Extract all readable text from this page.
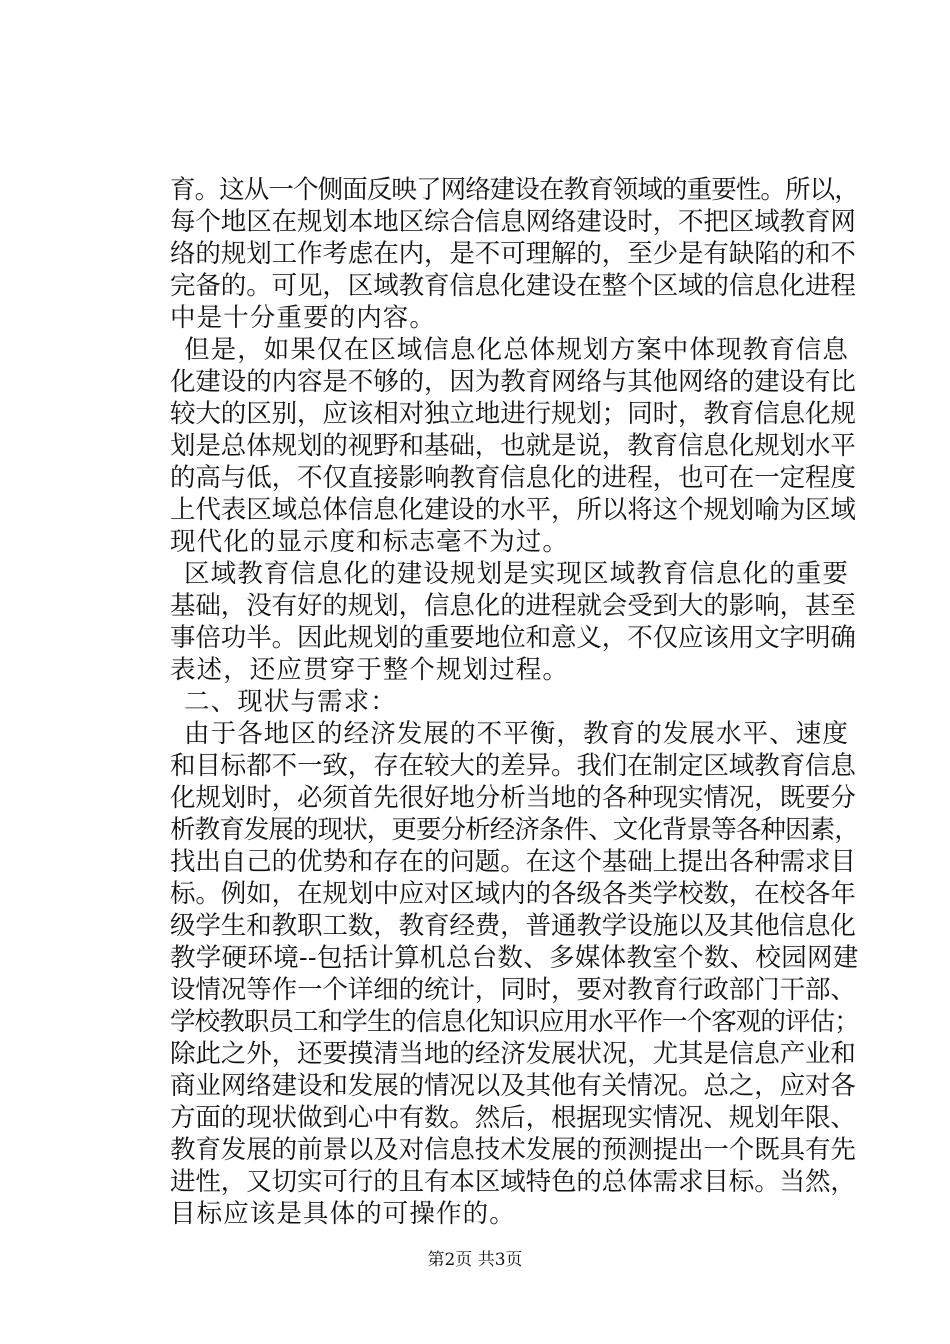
育。这从一个侧面反映了网络建设在教育领域的重要性。所以，
每个地区在规划本地区综合信息网络建设时，不把区域教育网
络的规划工作考虑在内，是不可理解的，至少是有缺陷的和不
完备的。可见，区域教育信息化建设在整个区域的信息化进程
中是十分重要的内容。
但是，如果仅在区域信息化总体规划方案中体现教育信息
化建设的内容是不够的，因为教育网络与其他网络的建设有比
较大的区别，应该相对独立地进行规划；同时，教育信息化规
划是总体规划的视野和基础，也就是说，教育信息化规划水平
的高与低，不仅直接影响教育信息化的进程，也可在一定程度
上代表区域总体信息化建设的水平，所以将这个规划喻为区域
现代化的显示度和标志毫不为过。
区域教育信息化的建设规划是实现区域教育信息化的重要
基础，没有好的规划，信息化的进程就会受到大的影响，甚至
事倍功半。因此规划的重要地位和意义，不仅应该用文字明确
表述，还应贯穿于整个规划过程。
二、现状与需求：
由于各地区的经济发展的不平衡，教育的发展水平、速度
和目标都不一致，存在较大的差异。我们在制定区域教育信息
化规划时，必须首先很好地分析当地的各种现实情况，既要分
析教育发展的现状，更要分析经济条件、文化背景等各种因素，
找出自己的优势和存在的问题。在这个基础上提出各种需求目
标。例如，在规划中应对区域内的各级各类学校数，在校各年
级学生和教职工数，教育经费，普通教学设施以及其他信息化
教学硬环境--包括计算机总台数、多媒体教室个数、校园网建
设情况等作一个详细的统计，同时，要对教育行政部门干部、
学校教职员工和学生的信息化知识应用水平作一个客观的评估；
除此之外，还要摸清当地的经济发展状况，尤其是信息产业和
商业网络建设和发展的情况以及其他有关情况。总之，应对各
方面的现状做到心中有数。然后，根据现实情况、规划年限、
教育发展的前景以及对信息技术发展的预测提出一个既具有先
进性，又切实可行的且有本区域特色的总体需求目标。当然，
目标应该是具体的可操作的。
第2页 共3页
